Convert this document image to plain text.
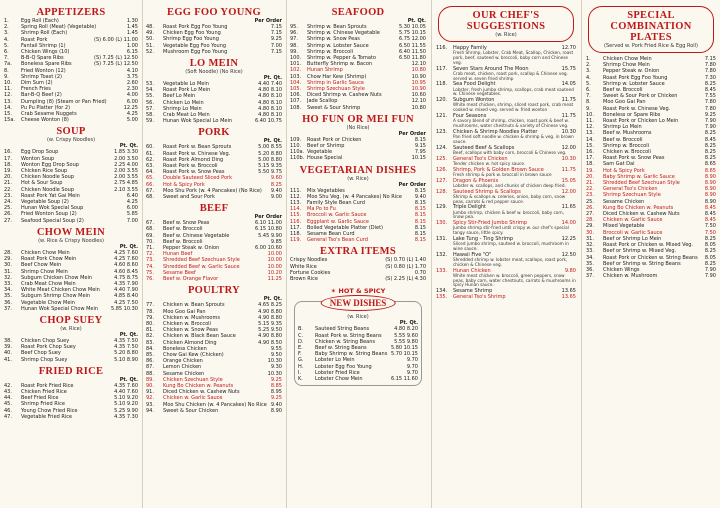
APPETIZERS
1.	Egg Roll (Each)	1.30
2.	Spring Roll (Meat) (Vegetable)	1.45
3.	Shrimp Roll (Each)	1.45
4.	Roast Pork	(S) 6.00 (L) 11.00
5.	Fantail Shrimp (1)	1.00
6.	Chicken Wings (10)	6.15
7.	B-B-Q Spare Ribs	(S) 7.25 (L) 12.50
7a.	Boneless Spare Ribs	(S) 7.25 (L) 12.50
8.	Fried Wonton (12)	4.10
9.	Shrimp Toast (2)	3.75
10.	Dim Sum (2)	2.60
11.	French Fries	2.30
12.	Bar-B-Q Beef (2)	4.00
13.	Dumpling (8) (Steam or Pan Fried)	6.00
14.	Pu Pu Platter (for 2)	12.25
15.	Crab Sesame Nuggets	4.25
15a.	Cheese Wonton (8)	5.00
SOUP
(w. Crispy Noodles)
Pt. Qt.
16.	Egg Drop Soup	1.85 3.30
17.	Wonton Soup	2.00 3.50
18.	Wonton Egg Drop Soup	2.25 4.00
19.	Chicken Rice Soup	2.00 3.55
20.	Chicken Noodle Soup	2.00 3.55
21.	Hot & Sour Soup	2.75 4.85
22.	Chicken Noodle Soup	2.10 3.55
23.	Roast Pork Yat Gai Mein	6.40
24.	Vegetable Soup (2)	4.25
25.	Hunan Wok Special Soup	6.00
26.	Fried Wonton Soup (2)	5.85
27.	Seafood Special Soup (2)	7.00
CHOW MEIN
(w. Rice & Crispy Noodles)
Pt. Qt.
28.	Chicken Chow Mein	4.25 7.60
29.	Roast Pork Chow Mein	4.25 7.60
30.	Beef Chow Mein	4.60 8.60
31.	Shrimp Chow Mein	4.60 8.45
32.	Subgum Chicken Chow Mein	4.75 8.75
33.	Crab Meat Chow Mein	4.35 7.90
34.	White Meat Chicken Chow Mein	4.40 7.90
35.	Subgum Shrimp Chow Mein	4.85 8.40
36.	Vegetable Chow Mein	4.25 7.50
37.	Hunan Wok Special Chow Mein	5.85 10.30
CHOP SUEY
(w. Rice)
Pt. Qt.
38.	Chicken Chop Suey	4.35 7.50
39.	Roast Pork Chop Suey	4.35 7.50
40.	Beef Chop Suey	5.20 8.80
41.	Shrimp Chop Suey	5.10 8.90
FRIED RICE
Pt. Qt.
42.	Roast Pork Fried Rice	4.35 7.60
43.	Chicken Fried Rice	4.40 7.60
44.	Beef Fried Rice	5.10 9.20
45.	Shrimp Fried Rice	5.10 9.20
46.	Young Chow Fried Rice	5.25 9.90
47.	Vegetable Fried Rice	4.35 7.30
EGG FOO YOUNG
Per Order
48.	Roast Pork Egg Foo Young	7.15
49.	Chicken Egg Foo Young	7.15
50.	Shrimp Egg Foo Young	9.25
51.	Vegetable Egg Foo Young	7.00
52.	Mushroom Egg Foo Young	7.15
LO MEIN
(Soft Noodle) (No Rice)
Pt. Qt.
53.	Vegetable Lo Mein	4.40 7.40
54.	Roast Pork Lo Mein	4.80 8.10
55.	Beef Lo Mein	4.80 8.10
56.	Chicken Lo Mein	4.80 8.10
57.	Shrimp Lo Mein	4.80 8.10
58.	Crab Meat Lo Mein	4.80 8.10
59.	Hunan Wok Special Lo Mein	6.40 10.75
PORK
Pt. Qt.
60.	Roast Pork w. Bean Sprouts	5.00 8.55
61.	Roast Pork w. Chinese Veg.	5.20 8.80
62.	Roast Pork Almond Ding	5.00 8.80
63.	Roast Pork w. Broccoli	5.15 9.35
64.	Roast Pork w. Snow Peas	5.50 9.75
65.	Double Sauteed Sliced Pork	9.60
66.	Hot & Spicy Pork	8.25
67.	Moo Shu Pork (w. 4 Pancakes) (No Rice)	9.40
68.	Sweet and Sour Pork	9.00
BEEF
Per Order
67.	Beef w. Snow Peas	6.10 11.00
68.	Beef w. Broccoli	6.15 10.80
69.	Beef w. Chinese Vegetable	5.45 9.90
70.	Beef w. Broccoli	9.85
71.	Pepper Steak w. Onion	6.00 10.60
72.	Hunan Beef	10.00
73.	Shredded Beef Szechuan Style	10.00
74.	Shredded Beef w. Garlic Sauce	10.00
75.	Sesame Beef	10.20
76.	Beef w. Orange Flavor	11.25
POULTRY
Pt. Qt.
77.	Chicken w. Bean Sprouts	4.65 8.25
78.	Moo Goo Gai Pan	4.90 8.80
79.	Chicken w. Mushrooms	4.90 8.80
80.	Chicken w. Broccoli	5.15 9.35
81.	Chicken w. Snow Peas	5.25 9.50
82.	Chicken w. Black Bean Sauce	4.90 8.80
83.	Chicken Almond Ding	4.90 8.50
84.	Boneless Chicken	9.55
85.	Chow Gai Kew (Chicken)	9.50
86.	Orange Chicken	10.30
87.	Lemon Chicken	9.30
88.	Sesame Chicken	10.30
89.	Chicken Szechuan Style	9.25
90.	Kung Bo Chicken w. Peanuts	8.85
91.	Diced Chicken w. Cashew Nuts	8.95
92.	Chicken w. Garlic Sauce	9.25
93.	Moo Shu Chicken (w. 4 Pancakes) No Rice 9.40
94.	Sweet & Sour Chicken	8.90
SEAFOOD
Pt. Qt.
95.	Shrimp w. Bean Sprouts	5.30 10.05
96.	Shrimp w. Chinese Vegetable	5.75 10.15
97.	Shrimp w. Snow Peas	6.75 12.00
98.	Shrimp w. Lobster Sauce	6.50 11.55
99.	Shrimp w. Broccoli	6.40 11.50
100.	Shrimp w. Pepper & Tomato	6.50 11.80
101.	Butterfly Shrimp w. Bacon	12.10
102.	Hunan Shrimp	10.80
103.	Chow Har Kew (Shrimp)	10.90
104.	Shrimp in Garlic Sauce	10.95
105.	Shrimp Szechuan Style	10.90
106.	Diced Shrimp w. Cashew Nuts	10.60
107.	Jade Scallop	12.10
108.	Sweet & Sour Shrimp	10.80
HO FUN OR MEI FUN
(No Rice)
Per Order
109.	Roast Pork or Chicken	8.15
110.	Beef or Shrimp	9.15
110a. Vegetable	7.95
110b. House Special	10.15
VEGETARIAN DISHES
(w. Rice)
Per Order
111.	Mix Vegetables	8.15
112.	Moo Shu Veg. (w. 4 Pancakes) No Rice	9.40
113.	Family Style Bean Curd	8.15
114.	Ma Po to Fu	8.15
115.	Broccoli w. Garlic Sauce	8.15
116.	Eggplant w. Garlic Sauce	8.15
117.	Boiled Vegetable Platter (Diet)	8.15
118.	Sesame Bean Curd	8.15
119.	General Tso's Bean Curd	8.15
EXTRA ITEMS
Crispy Noodles	(S) 0.70 (L) 1.40
White Rice	(S) 0.80 (L) 1.70
Fortune Cookies	0.70
Brown Rice	(S) 2.25 (L) 4.30
✶ HOT & SPICY
NEW DISHES
(w. Rice)
Pt. Qt.
B.	Sauteed String Beans	4.80 8.20
C.	Roast Pork w. String Beans	5.55 9.60
D.	Chicken w. String Beans	5.55 9.80
E.	Beef w. String Beans	5.80 10.15
F.	Baby Shrimp w. String Beans 5.70 10.15
G.	Lobster Lo Mein	9.70
H.	Lobster Egg Foo Young	9.70
I.	Lobster Fried Rice	9.70
K.	Lobster Chow Mein	6.15 11.60
OUR CHEF'S SUGGESTIONS
(w. Rice)
116.	Happy Family	12.70
Fresh Shrimp, Lobster, Crab Meat, Scallop, Chicken, roast pork, beef, sauteed w. broccoli, baby corn and Chinese veg.
117.	Seven Stars Around The Moon	15.75
Crab meat, chicken, roast pork, scallop & Chinese veg. served w. seven fried shrimp
118.	Sea Food Delight	14.05
Lobster, fresh jumbo shrimp, scallops, crab meat sauteed w. Chinese vegetables.
120.	Subgum Wonton	11.75
White meat chicken, shrimp, sliced roast pork, crab meat cooked w. mixed veg. served w. fried wonton
121.	Four Seasons	11.75
A savory blend of shrimp, chicken, roast pork & beef w. mushrooms, water chestnuts & variety of Chinese veg.
123.	Chicken & Shrimp Noodles Platter	10.30
Pan fried soft noodle w. chicken & shrimp & veg. in brown sauce.
124.	Sauteed Beef & Scallops	12.00
Beef, scallops with baby corn, broccoli & Chinese veg.
125.	General Tso's Chicken	10.30
Tender chicken w. hot spicy sauce.
126.	Shrimp, Pork & Golden Brown Sauce	11.75
Fresh shrimp & pork w. broccoli in brown sauce
127.	Dragon & Phoenix	15.05
Lobster w. scallops, and chunks of chicken deep fried.
128.	Sauteed Shrimp & Scallops	12.00
Shrimp & scallops w. celeries, onion, baby corn, snow peas, carrots & red pepper sauce.
129.	Triple Delight	11.65
Jumbo shrimp, chicken & beef w. broccoli, baby corn, snow pea.
130.	Spicy Stir-Fried Jumbo Shrimp	14.00
Jumbo shrimp stir-fried until crispy w. our chef's special tangy sauce, little spicy.
131.	Lake Tung - Ting Shrimp	12.25
Sliced jumbo shrimp, sauteed w. broccoli, mushroom in wine sauce.
132.	Hawaii Five "O"	12.50
Shredded shrimp w. lobster meat, scallops, roast pork, chicken & Chinese veg.
133.	Hunan Chicken	9.80
White meat chicken w. broccoli, green peppers, snow peas, baby corn, water chestnuts, carrots & mushrooms in spicy Hunan sauce.
134.	Sesame Shrimp	13.65
135.	General Tso's Shrimp	13.65
SPECIAL COMBINATION PLATES
(Served w. Pork Fried Rice & Egg Roll)
1.	Chicken Chow Mein	7.15
2.	Shrimp Chow Mein	7.80
3.	Pepper Steak w. Onion	7.80
4.	Roast Pork Egg Foo Young	7.30
5.	Shrimp w. Lobster Sauce	8.25
6.	Beef w. Broccoli	8.45
7.	Sweet & Sour Pork or Chicken	7.55
8.	Moo Goo Gai Pan	7.80
9.	Roast Pork w. Chinese Veg.	7.80
10.	Boneless or Spare Ribs	9.25
11.	Roast Pork or Chicken Lo Mein	7.90
12.	Shrimp Lo Mein	7.90
13.	Beef w. Mushrooms	8.25
14.	Beef w. Broccoli	8.45
15.	Shrimp w. Broccoli	8.25
16.	Chicken w. Broccoli	8.25
17.	Roast Pork w. Snow Peas	8.25
18.	Sam Gat Dai	8.65
19.	Hot & Spicy Pork	8.65
20.	Baby Shrimp w. Garlic Sauce	8.90
21.	Shredded Beef Szechuan Style	8.90
22.	General Tso's Chicken	8.90
23.	Shrimp Szechuan Style	8.90
25.	Sesame Chicken	8.90
26.	Kung Bo Chicken w. Peanuts	8.45
27.	Diced Chicken w. Cashew Nuts	8.45
28.	Chicken w. Garlic Sauce	8.45
29.	Mixed Vegetable	7.50
30.	Broccoli w. Garlic Sauce	7.50
31.	Beef or Shrimp Lo Mein	8.25
32.	Roast Pork or Chicken w. Mixed Veg.	8.05
33.	Beef or Shrimp w. Mixed Veg.	8.25
34.	Roast Pork or Chicken w. String Beans	8.05
35.	Beef or Shrimp w. String Beans	8.25
36.	Chicken Wings	7.90
37.	Chicken w. Mushroom	7.90
